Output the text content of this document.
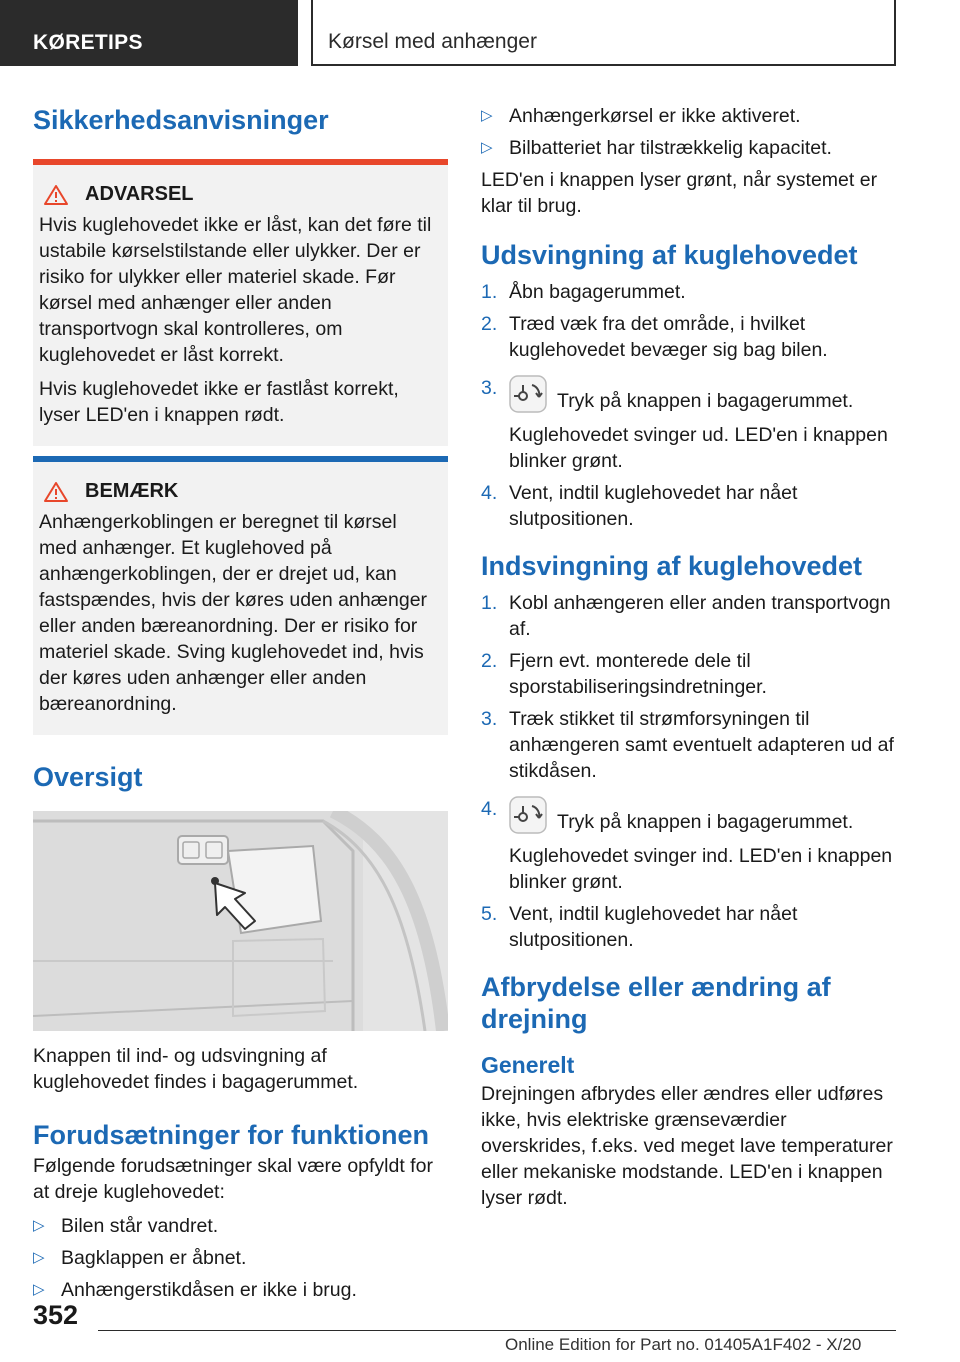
KØRETIPS	Kørsel med anhænger
Sikkerhedsanvisninger
ADVARSEL

Hvis kuglehovedet ikke er låst, kan det føre til ustabile kørselstilstande eller ulykker. Der er risiko for ulykker eller materiel skade. Før kørsel med anhænger eller anden transportvogn skal kontrolleres, om kuglehovedet er låst korrekt.

Hvis kuglehovedet ikke er fastlåst korrekt, lyser LED'en i knappen rødt.

BEMÆRK

Anhængerkoblingen er beregnet til kørsel med anhænger. Et kuglehoved på anhængerkoblingen, der er drejet ud, kan fastspændes, hvis der køres uden anhænger eller anden bæreanordning. Der er risiko for materiel skade. Sving kuglehovedet ind, hvis der køres uden anhænger eller anden bæreanordning.

Oversigt

Knappen til ind- og udsvingning af kuglehovedet findes i bagagerummet.

Forudsætninger for funktionen

Følgende forudsætninger skal være opfyldt for at dreje kuglehovedet:

▷ Bilen står vandret.
▷ Bagklappen er åbnet.
▷ Anhængerstikdåsen er ikke i brug.
▷ Anhængerkørsel er ikke aktiveret.
▷ Bilbatteriet har tilstrækkelig kapacitet.

LED'en i knappen lyser grønt, når systemet er klar til brug.

Udsvingning af kuglehovedet
1. Åbn bagagerummet.
2. Træd væk fra det område, i hvilket kuglehovedet bevæger sig bag bilen.
3.
Tryk på knappen i bagagerummet.
Kuglehovedet svinger ud. LED'en i knappen blinker grønt.
4. Vent, indtil kuglehovedet har nået slutpositionen.
Indsvingning af kuglehovedet
1. Kobl anhængeren eller anden transportvogn af.
2. Fjern evt. monterede dele til sporstabiliseringsindretninger.
3. Træk stikket til strømforsyningen til anhængeren samt eventuelt adapteren ud af stikdåsen.
4.
Tryk på knappen i bagagerummet.
Kuglehovedet svinger ind. LED'en i knappen blinker grønt.
5. Vent, indtil kuglehovedet har nået slutpositionen.
Afbrydelse eller ændring af drejning
Generelt

Drejningen afbrydes eller ændres eller udføres ikke, hvis elektriske grænseværdier overskrides, f.eks. ved meget lave temperaturer eller mekaniske modstande. LED'en i knappen lyser rødt.

352
Online Edition for Part no. 01405A1F402 - X/20
